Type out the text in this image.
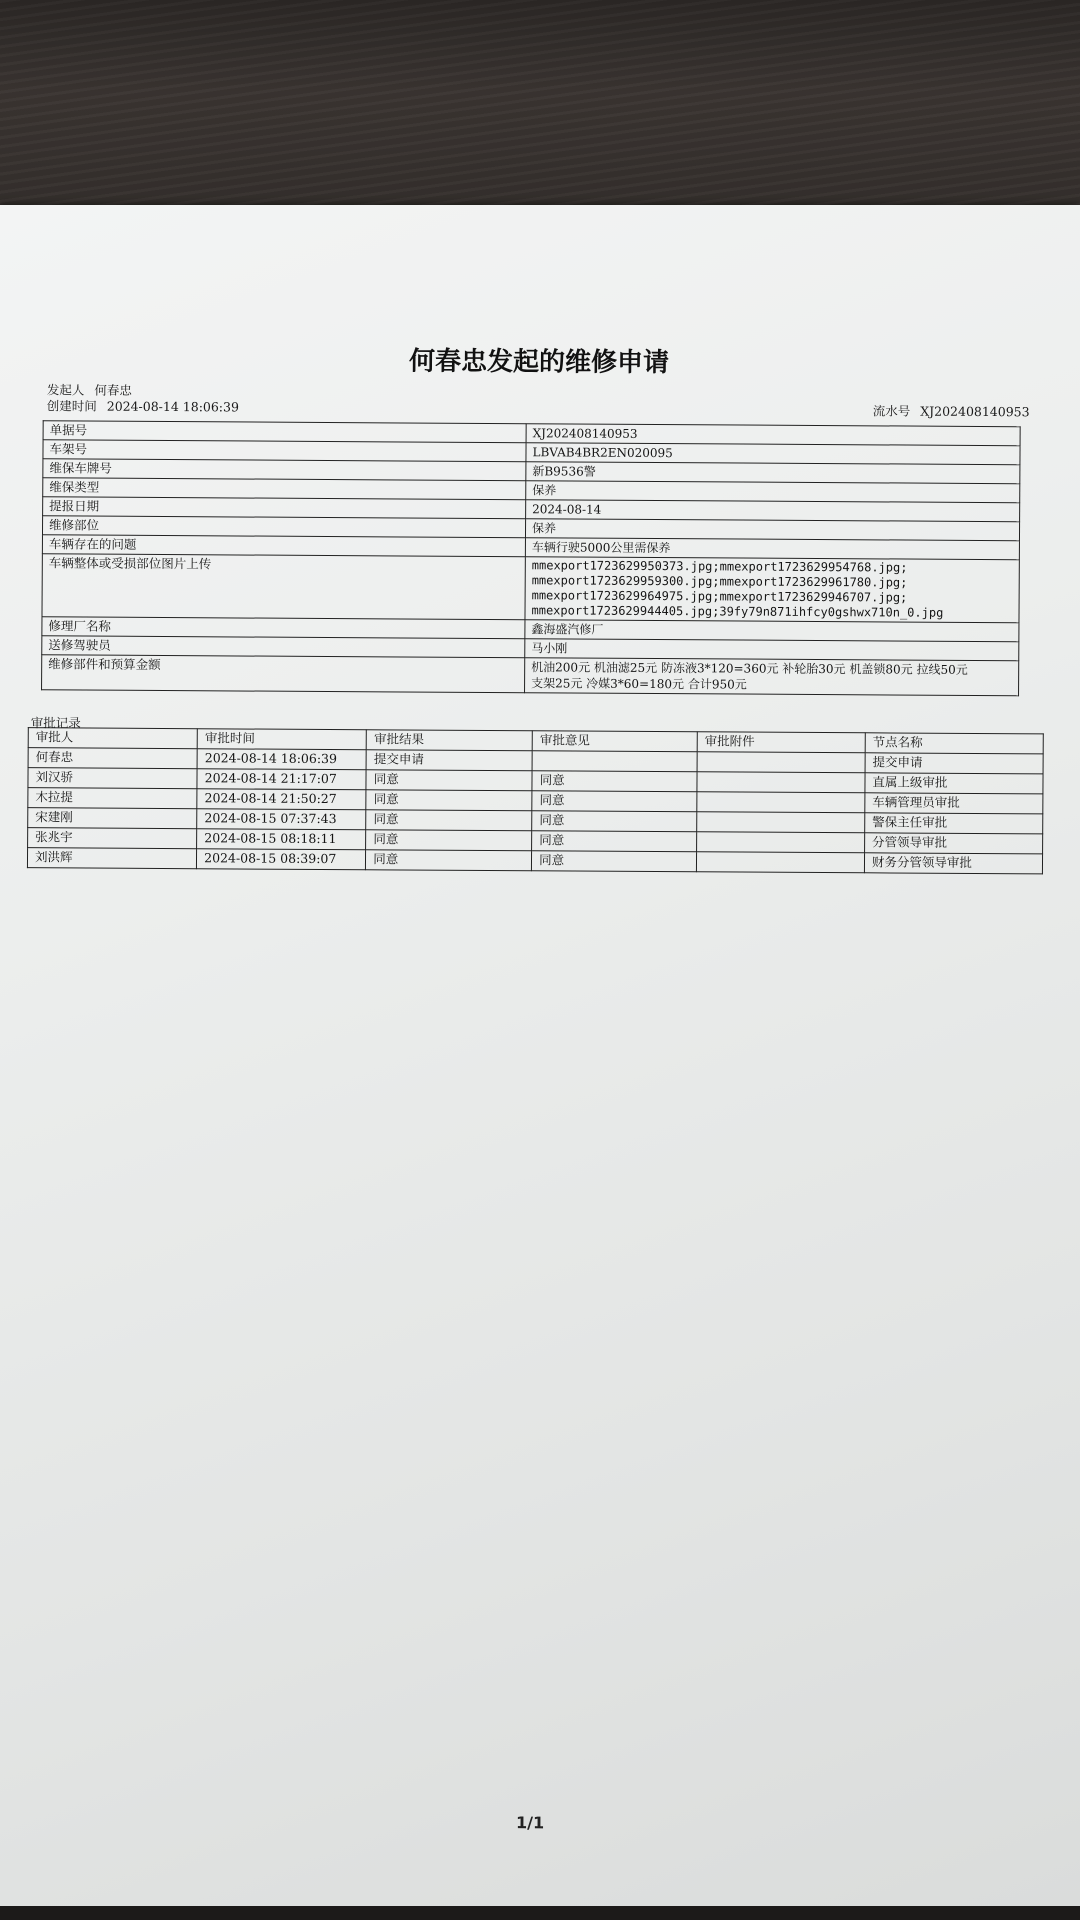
何春忠发起的维修申请
发起人 何春忠
创建时间 2024-08-14 18:06:39	流水号 XJ202408140953
单据号	XJ202408140953
车架号	LBVAB4BR2EN020095
维保车牌号	新B9536警
维保类型	保养
提报日期	2024-08-14
维修部位	保养
车辆存在的问题	车辆行驶5000公里需保养
车辆整体或受损部位图片上传	mmexport1723629950373.jpg;mmexport1723629954768.jpg;
mmexport1723629959300.jpg;mmexport1723629961780.jpg;
mmexport1723629964975.jpg;mmexport1723629946707.jpg;
mmexport1723629944405.jpg;39fy79n871ihfcy0gshwx710n_0.jpg
修理厂名称	鑫海盛汽修厂
送修驾驶员	马小刚
维修部件和预算金额	机油200元 机油滤25元 防冻液3*120=360元 补轮胎30元 机盖锁80元 拉线50元
支架25元 冷媒3*60=180元 合计950元
审批记录
审批人	审批时间	审批结果	审批意见	审批附件	节点名称
何春忠	2024-08-14 18:06:39	提交申请			提交申请
刘汉骄	2024-08-14 21:17:07	同意	同意		直属上级审批
木拉提	2024-08-14 21:50:27	同意	同意		车辆管理员审批
宋建刚	2024-08-15 07:37:43	同意	同意		警保主任审批
张兆宇	2024-08-15 08:18:11	同意	同意		分管领导审批
刘洪辉	2024-08-15 08:39:07	同意	同意		财务分管领导审批
1/1
